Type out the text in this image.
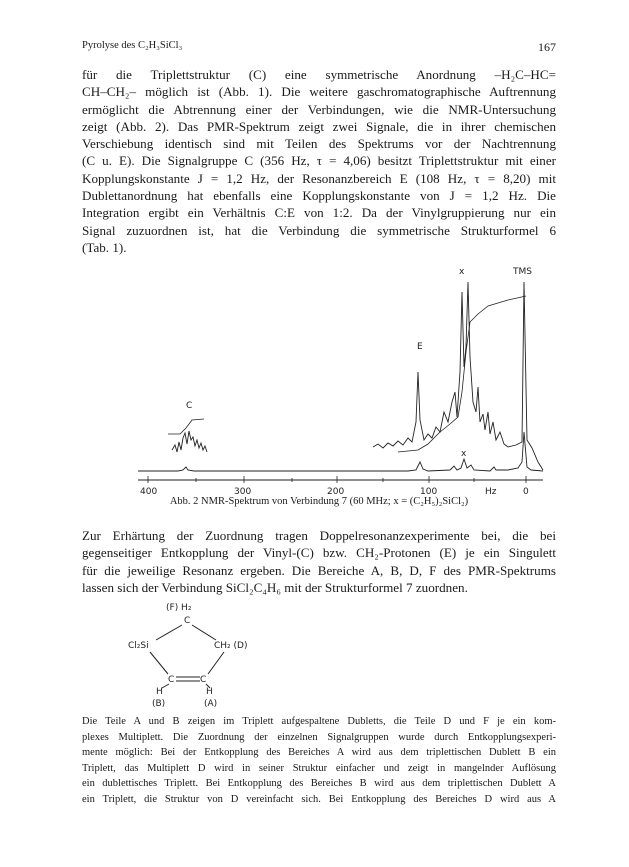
Pyrolyse des C₂H₃SiCl₃	167
für die Triplettstruktur (C) eine symmetrische Anordnung –H₂C–HC=
CH–CH₂– möglich ist (Abb. 1). Die weitere gaschromatographische Auftrennung
ermöglicht die Abtrennung einer der Verbindungen, wie die NMR-Untersuchung
zeigt (Abb. 2). Das PMR-Spektrum zeigt zwei Signale, die in ihrer chemischen
Verschiebung identisch sind mit Teilen des Spektrums vor der Nachtrennung
(C u. E). Die Signalgruppe C (356 Hz, τ = 4,06) besitzt Triplettstruktur mit einer
Kopplungskonstante J = 1,2 Hz, der Resonanzbereich E (108 Hz, τ = 8,20) mit
Dublettanordnung hat ebenfalls eine Kopplungskonstante von J = 1,2 Hz. Die
Integration ergibt ein Verhältnis C:E von 1:2. Da der Vinylgruppierung nur ein
Signal zuzuordnen ist, hat die Verbindung die symmetrische Strukturformel 6
(Tab. 1).
400	300	200	100	Hz	0
C
E
x
x
TMS
Abb. 2 NMR-Spektrum von Verbindung 7 (60 MHz; x = (C₂H₅)₂SiCl₂)
Zur Erhärtung der Zuordnung tragen Doppelresonanzexperimente bei, die bei
gegenseitiger Entkopplung der Vinyl-(C) bzw. CH₂-Protonen (E) je ein Singulett
für die jeweilige Resonanz ergeben. Die Bereiche A, B, D, F des PMR-Spektrums
lassen sich der Verbindung SiCl₂C₄H₆ mit der Strukturformel 7 zuordnen.
(F) H₂
C
Cl₂Si	CH₂ (D)
C	C
H	H
(B)	(A)
Die Teile A und B zeigen im Triplett aufgespaltene Dubletts, die Teile D und F je ein kom-
plexes Multiplett. Die Zuordnung der einzelnen Signalgruppen wurde durch Entkopplungsexperi-
mente möglich: Bei der Entkopplung des Bereiches A wird aus dem triplettischen Dublett B ein
Triplett, das Multiplett D wird in seiner Struktur einfacher und zeigt in mangelnder Auflösung
ein dublettisches Triplett. Bei Entkopplung des Bereiches B wird aus dem triplettischen Dublett A
ein Triplett, die Struktur von D vereinfacht sich. Bei Entkopplung des Bereiches D wird aus A
